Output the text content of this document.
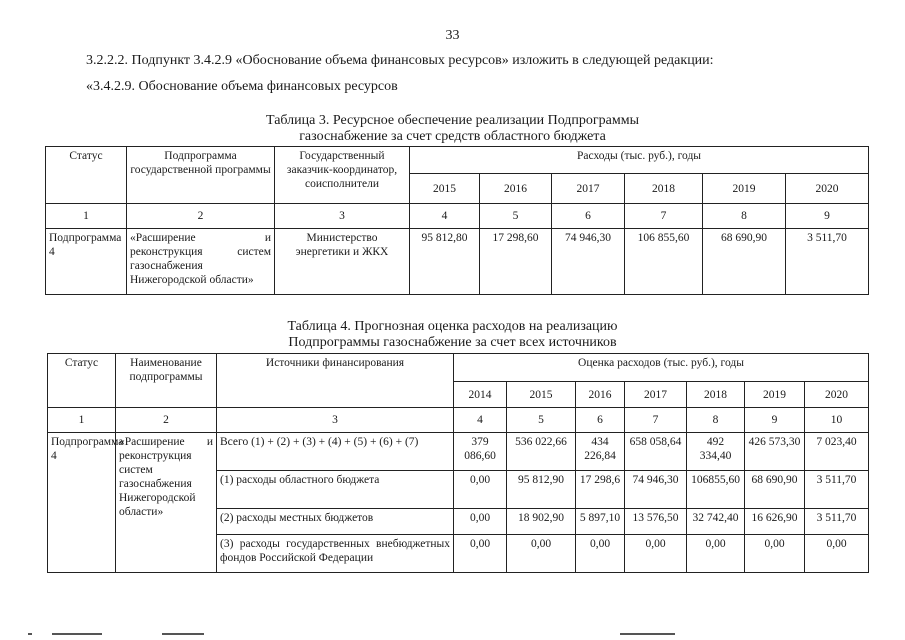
33
3.2.2.2. Подпункт 3.4.2.9 «Обоснование объема финансовых ресурсов» изложить в следующей редакции:
«3.4.2.9. Обоснование объема финансовых ресурсов
Таблица 3. Ресурсное обеспечение реализации Подпрограммы
газоснабжение за счет средств областного бюджета
Статус	Подпрограмма государственной программы	Государственный заказчик-координатор, соисполнители	Расходы (тыс. руб.), годы					
			2015	2016	2017	2018	2019	2020
1	2	3	4	5	6	7	8	9
Подпрограмма 4	«Расширение и реконструкция систем газоснабжения Нижегородской области»	Министерство энергетики и ЖКХ	95 812,80	17 298,60	74 946,30	106 855,60	68 690,90	3 511,70
Таблица 4. Прогнозная оценка расходов на реализацию
Подпрограммы газоснабжение за счет всех источников
Статус	Наименование подпрограммы	Источники финансирования	Оценка расходов (тыс. руб.), годы						
			2014	2015	2016	2017	2018	2019	2020
1	2	3	4	5	6	7	8	9	10
Подпрограмма 4	«Расширение и реконструкция систем газоснабжения Нижегородской области»	Всего (1) + (2) + (3) + (4) + (5) + (6) + (7)	379 086,60	536 022,66	434 226,84	658 058,64	492 334,40	426 573,30	7 023,40
		(1) расходы областного бюджета	0,00	95 812,90	17 298,6	74 946,30	106855,60	68 690,90	3 511,70
		(2) расходы местных бюджетов	0,00	18 902,90	5 897,10	13 576,50	32 742,40	16 626,90	3 511,70
		(3) расходы государственных внебюджетных фондов Российской Федерации	0,00	0,00	0,00	0,00	0,00	0,00	0,00
